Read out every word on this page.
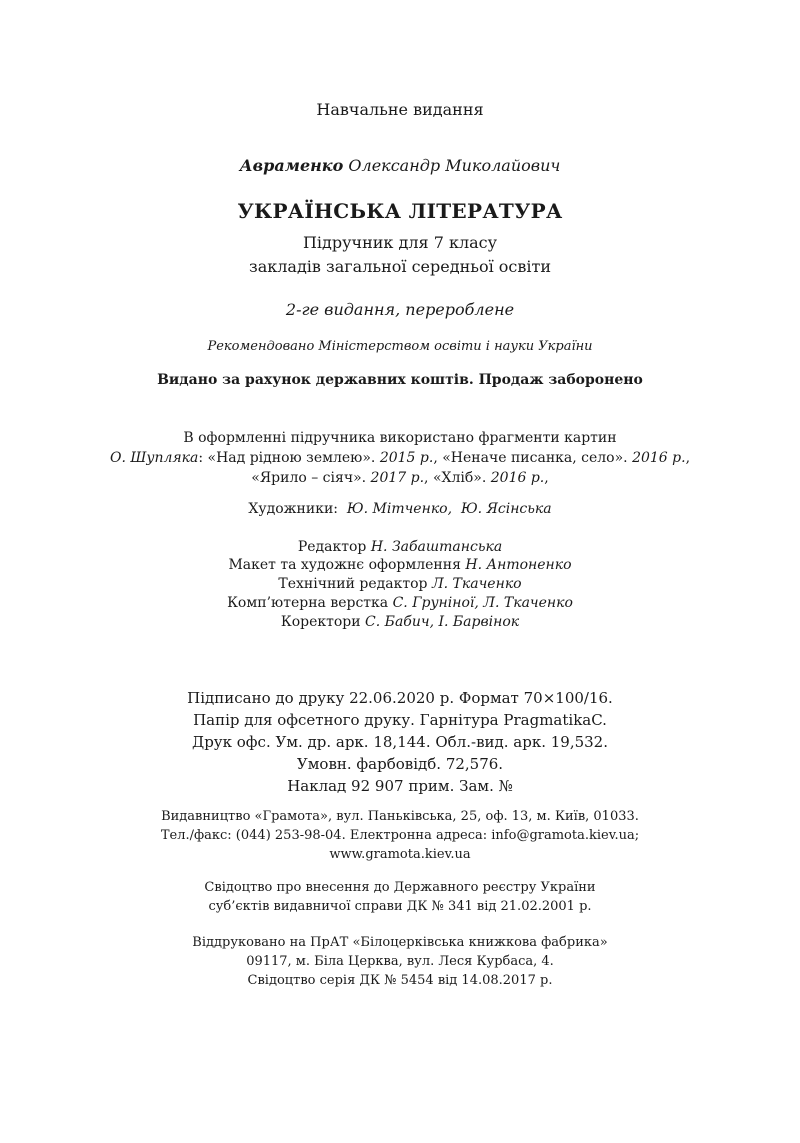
Навчальне видання
Авраменко Олександр Миколайович
УКРАЇНСЬКА ЛІТЕРАТУРА
Підручник для 7 класу
закладів загальної середньої освіти
2-ге видання, перероблене
Рекомендовано Міністерством освіти і науки України
Видано за рахунок державних коштів. Продаж заборонено
В оформленні підручника використано фрагменти картин
О. Шупляка: «Над рідною землею». 2015 р., «Неначе писанка, село». 2016 р.,
«Ярило – сіяч». 2017 р., «Хліб». 2016 р.,
Художники: Ю. Мітченко, Ю. Ясінська
Редактор Н. Забаштанська
Макет та художнє оформлення Н. Антоненко
Технічний редактор Л. Ткаченко
Комп’ютерна верстка С. Груніної, Л. Ткаченко
Коректори С. Бабич, І. Барвінок
Підписано до друку 22.06.2020 р. Формат 70×100/16.
Папір для офсетного друку. Гарнітура PragmatikaC.
Друк офс. Ум. др. арк. 18,144. Обл.-вид. арк. 19,532.
Умовн. фарбовідб. 72,576.
Наклад 92 907 прим. Зам. №
Видавництво «Грамота», вул. Паньківська, 25, оф. 13, м. Київ, 01033.
Тел./факс: (044) 253-98-04. Електронна адреса: info@gramota.kiev.ua;
www.gramota.kiev.ua
Свідоцтво про внесення до Державного реєстру України
суб’єктів видавничої справи ДК № 341 від 21.02.2001 р.
Віддруковано на ПрАТ «Білоцерківська книжкова фабрика»
09117, м. Біла Церква, вул. Леся Курбаса, 4.
Свідоцтво серія ДК № 5454 від 14.08.2017 р.
